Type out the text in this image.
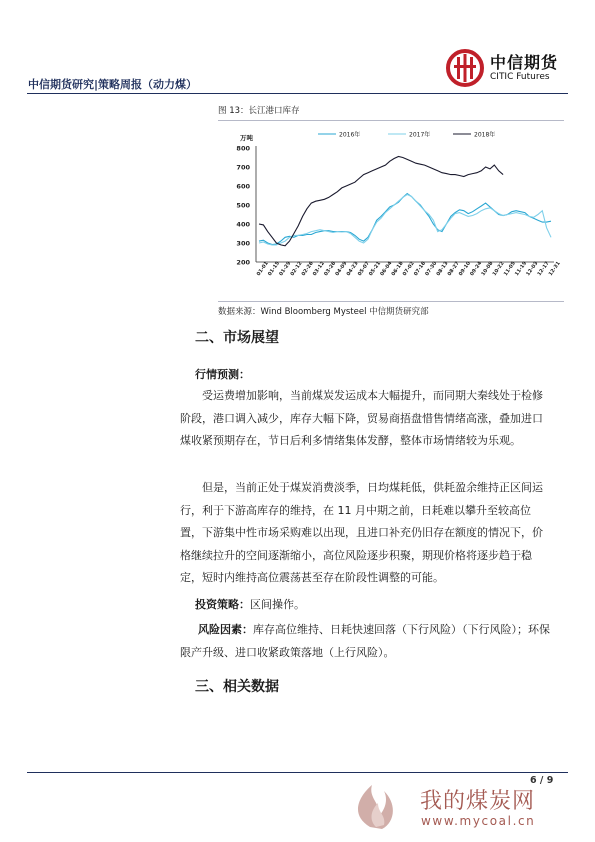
中信期货研究|策略周报（动力煤）
中信期货
CITIC Futures
图 13：长江港口库存
万吨
200
300
400
500
600
700
800
01-01
01-15
01-29
02-12
02-26
03-12
03-26
04-09
04-23
05-07
05-21
06-04
06-18
07-02
07-16
07-30
08-13
08-27
09-10
09-24
10-08
10-22
11-05
11-19
12-03
12-17
12-31
2016年	2017年	2018年
数据来源：Wind Bloomberg Mysteel 中信期货研究部
二、市场展望
行情预测：

受运费增加影响，当前煤炭发运成本大幅提升，而同期大秦线处于检修阶段，港口调入减少，库存大幅下降，贸易商捂盘惜售情绪高涨，叠加进口煤收紧预期存在，节日后利多情绪集体发酵，整体市场情绪较为乐观。

但是，当前正处于煤炭消费淡季，日均煤耗低，供耗盈余维持正区间运行，利于下游高库存的维持，在 11 月中期之前，日耗难以攀升至较高位置，下游集中性市场采购难以出现，且进口补充仍旧存在额度的情况下，价格继续拉升的空间逐渐缩小，高位风险逐步积聚，期现价格将逐步趋于稳定，短时内维持高位震荡甚至存在阶段性调整的可能。

投资策略：区间操作。

风险因素：库存高位维持、日耗快速回落（下行风险）（下行风险）；环保限产升级、进口收紧政策落地（上行风险）。

三、相关数据
6 / 9
我的煤炭网
www.mycoal.cn
